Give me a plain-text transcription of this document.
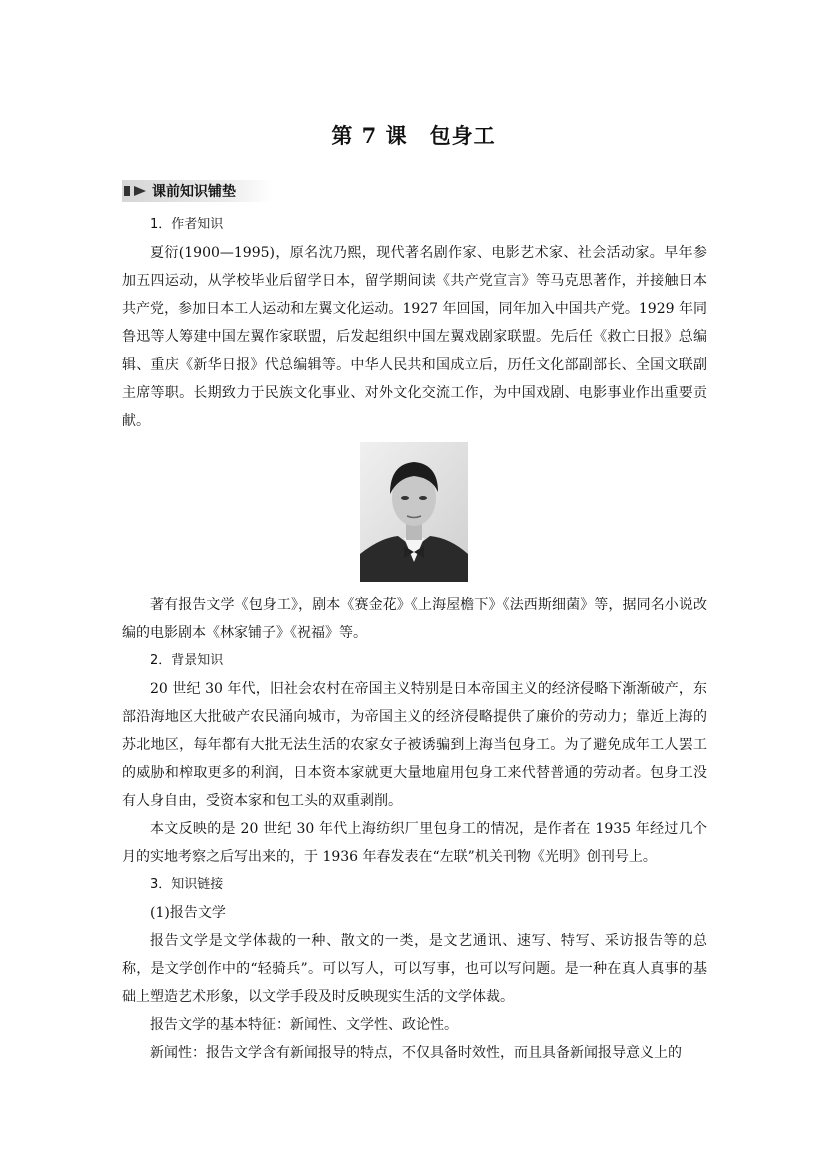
第 7 课　包身工
课前知识铺垫

1．作者知识

夏衍(1900—1995)，原名沈乃熙，现代著名剧作家、电影艺术家、社会活动家。早年参加五四运动，从学校毕业后留学日本，留学期间读《共产党宣言》等马克思著作，并接触日本共产党，参加日本工人运动和左翼文化运动。1927 年回国，同年加入中国共产党。1929 年同鲁迅等人筹建中国左翼作家联盟，后发起组织中国左翼戏剧家联盟。先后任《救亡日报》总编辑、重庆《新华日报》代总编辑等。中华人民共和国成立后，历任文化部副部长、全国文联副主席等职。长期致力于民族文化事业、对外文化交流工作，为中国戏剧、电影事业作出重要贡献。

著有报告文学《包身工》，剧本《赛金花》《上海屋檐下》《法西斯细菌》等，据同名小说改编的电影剧本《林家铺子》《祝福》等。

2．背景知识

20 世纪 30 年代，旧社会农村在帝国主义特别是日本帝国主义的经济侵略下渐渐破产，东部沿海地区大批破产农民涌向城市，为帝国主义的经济侵略提供了廉价的劳动力；靠近上海的苏北地区，每年都有大批无法生活的农家女子被诱骗到上海当包身工。为了避免成年工人罢工的威胁和榨取更多的利润，日本资本家就更大量地雇用包身工来代替普通的劳动者。包身工没有人身自由，受资本家和包工头的双重剥削。

本文反映的是 20 世纪 30 年代上海纺织厂里包身工的情况，是作者在 1935 年经过几个月的实地考察之后写出来的，于 1936 年春发表在“左联”机关刊物《光明》创刊号上。

3．知识链接

(1)报告文学

报告文学是文学体裁的一种、散文的一类，是文艺通讯、速写、特写、采访报告等的总称，是文学创作中的“轻骑兵”。可以写人，可以写事，也可以写问题。是一种在真人真事的基础上塑造艺术形象，以文学手段及时反映现实生活的文学体裁。

报告文学的基本特征：新闻性、文学性、政论性。

新闻性：报告文学含有新闻报导的特点，不仅具备时效性，而且具备新闻报导意义上的
